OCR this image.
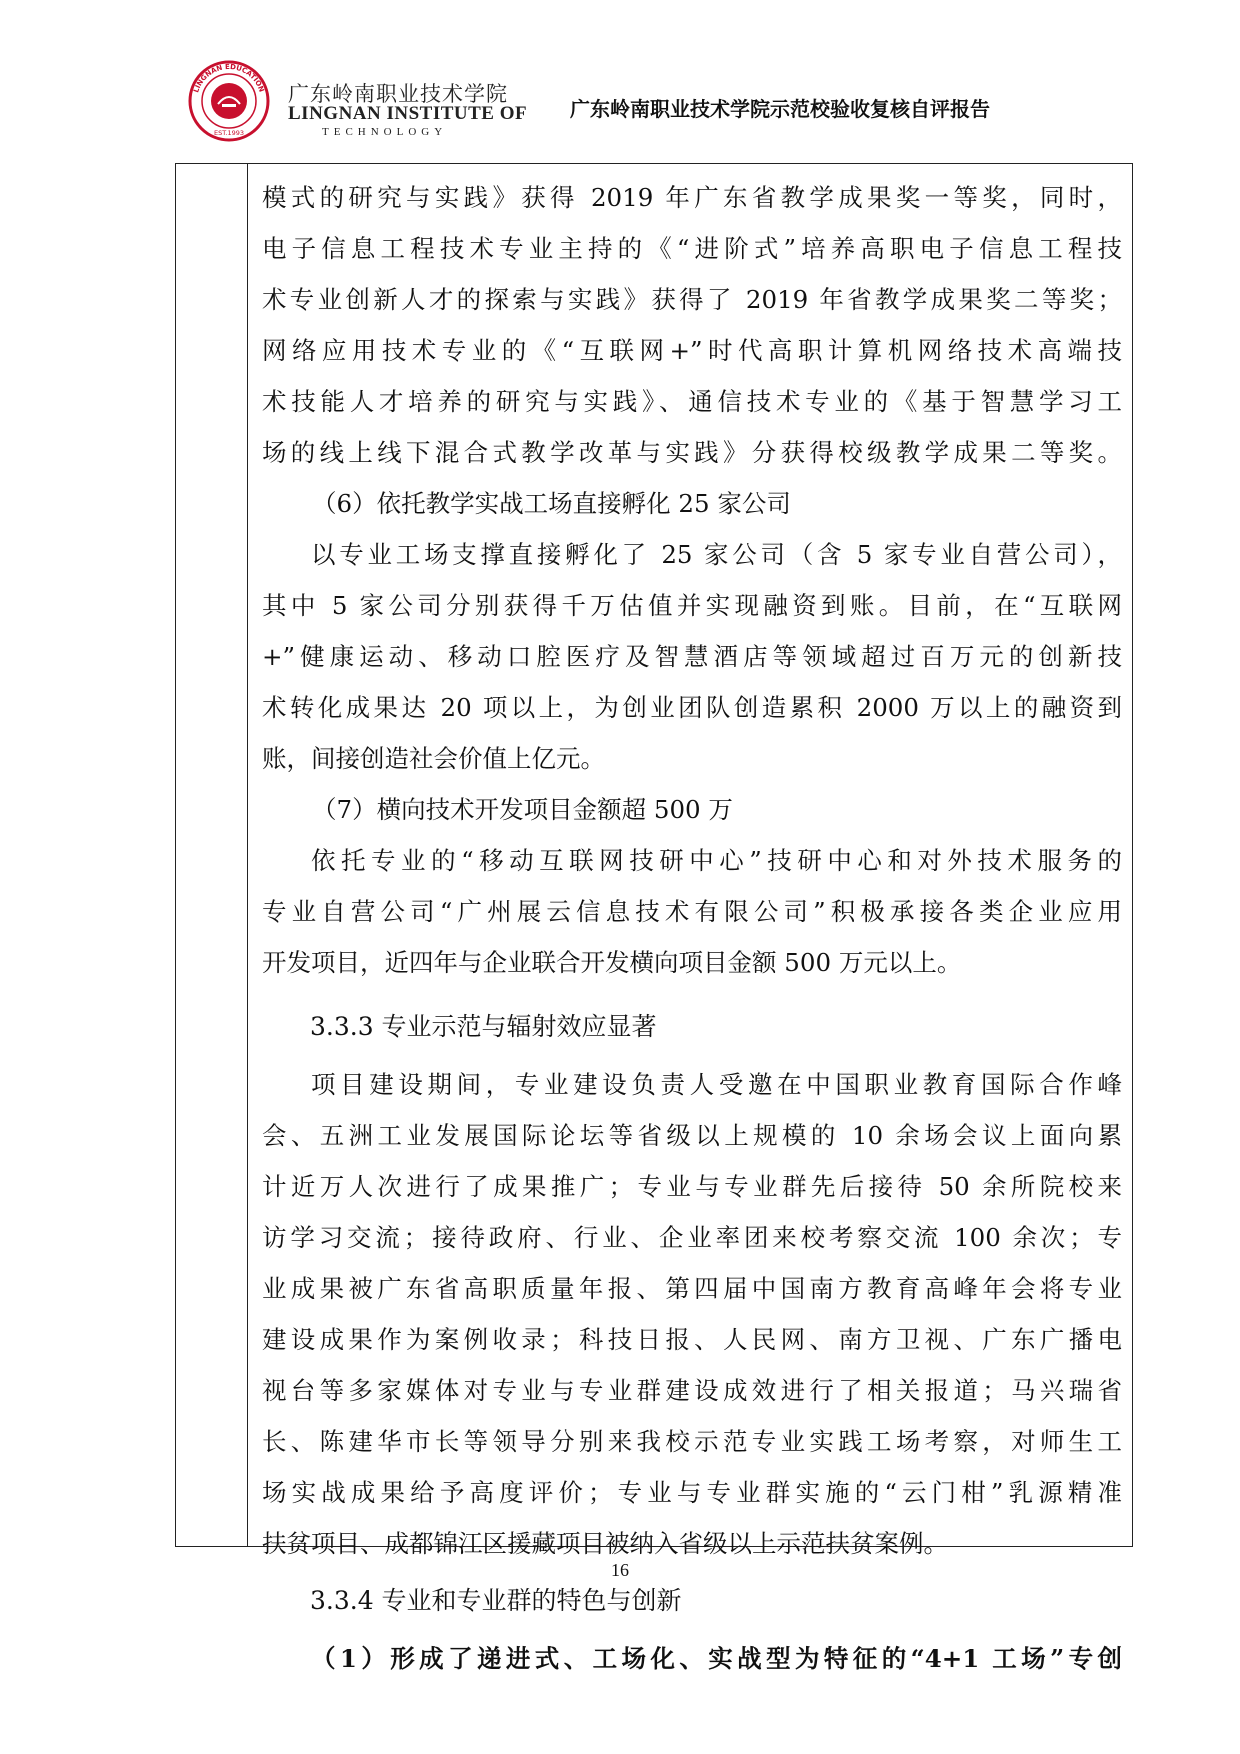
LINGNAN EDUCATION
EST.1993
广东岭南职业技术学院
LINGNAN INSTITUTE OF
TECHNOLOGY
广东岭南职业技术学院示范校验收复核自评报告
模式的研究与实践》获得 2019 年广东省教学成果奖一等奖，同时，
电子信息工程技术专业主持的《“进阶式”培养高职电子信息工程技
术专业创新人才的探索与实践》获得了 2019 年省教学成果奖二等奖；
网络应用技术专业的《“互联网+”时代高职计算机网络技术高端技
术技能人才培养的研究与实践》、通信技术专业的《基于智慧学习工
场的线上线下混合式教学改革与实践》分获得校级教学成果二等奖。
（6）依托教学实战工场直接孵化 25 家公司
以专业工场支撑直接孵化了 25 家公司（含 5 家专业自营公司），
其中 5 家公司分别获得千万估值并实现融资到账。目前，在“互联网
+”健康运动、移动口腔医疗及智慧酒店等领域超过百万元的创新技
术转化成果达 20 项以上，为创业团队创造累积 2000 万以上的融资到
账，间接创造社会价值上亿元。
（7）横向技术开发项目金额超 500 万
依托专业的“移动互联网技研中心”技研中心和对外技术服务的
专业自营公司“广州展云信息技术有限公司”积极承接各类企业应用
开发项目，近四年与企业联合开发横向项目金额 500 万元以上。
3.3.3 专业示范与辐射效应显著
项目建设期间，专业建设负责人受邀在中国职业教育国际合作峰
会、五洲工业发展国际论坛等省级以上规模的 10 余场会议上面向累
计近万人次进行了成果推广；专业与专业群先后接待 50 余所院校来
访学习交流；接待政府、行业、企业率团来校考察交流 100 余次；专
业成果被广东省高职质量年报、第四届中国南方教育高峰年会将专业
建设成果作为案例收录；科技日报、人民网、南方卫视、广东广播电
视台等多家媒体对专业与专业群建设成效进行了相关报道；马兴瑞省
长、陈建华市长等领导分别来我校示范专业实践工场考察，对师生工
场实战成果给予高度评价；专业与专业群实施的“云门柑”乳源精准
扶贫项目、成都锦江区援藏项目被纳入省级以上示范扶贫案例。
3.3.4 专业和专业群的特色与创新
（1）形成了递进式、工场化、实战型为特征的“4+1 工场”专创
16
